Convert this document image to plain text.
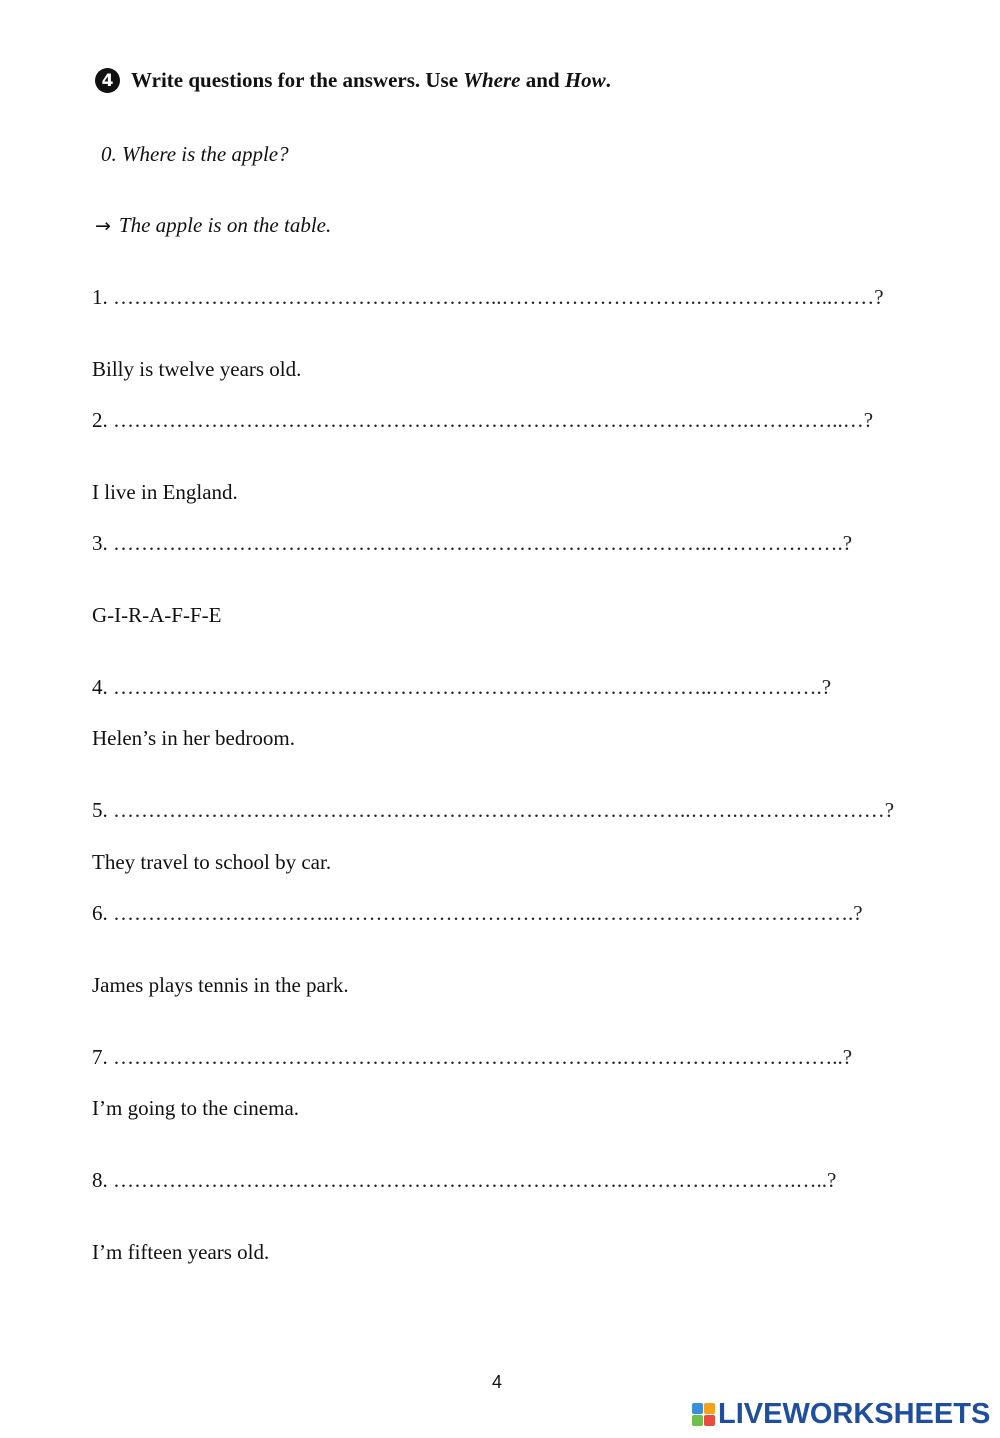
4 Write questions for the answers. Use Where and How .
0. Where is the apple?
→ The apple is on the table.
1. ………………………………………………..……………………….………………..……?
Billy is twelve years old.
2. ……………………………………………………………………………….…………..…?
I live in England.
3. …………………………………………………………………………..……………….?
G-I-R-A-F-F-E
4. …………………………………………………………………………..…………….?
Helen’s in her bedroom.
5. ………………………………………………………………………..…….…………………?
They travel to school by car.
6. …………………………..………………………………..……………………………….?
James plays tennis in the park.
7. ……………………………………………………………….…………………………..?
I’m going to the cinema.
8. ……………………………………………………………….…………………….…..?
I’m fifteen years old.
4
LIVEWORKSHEETS
